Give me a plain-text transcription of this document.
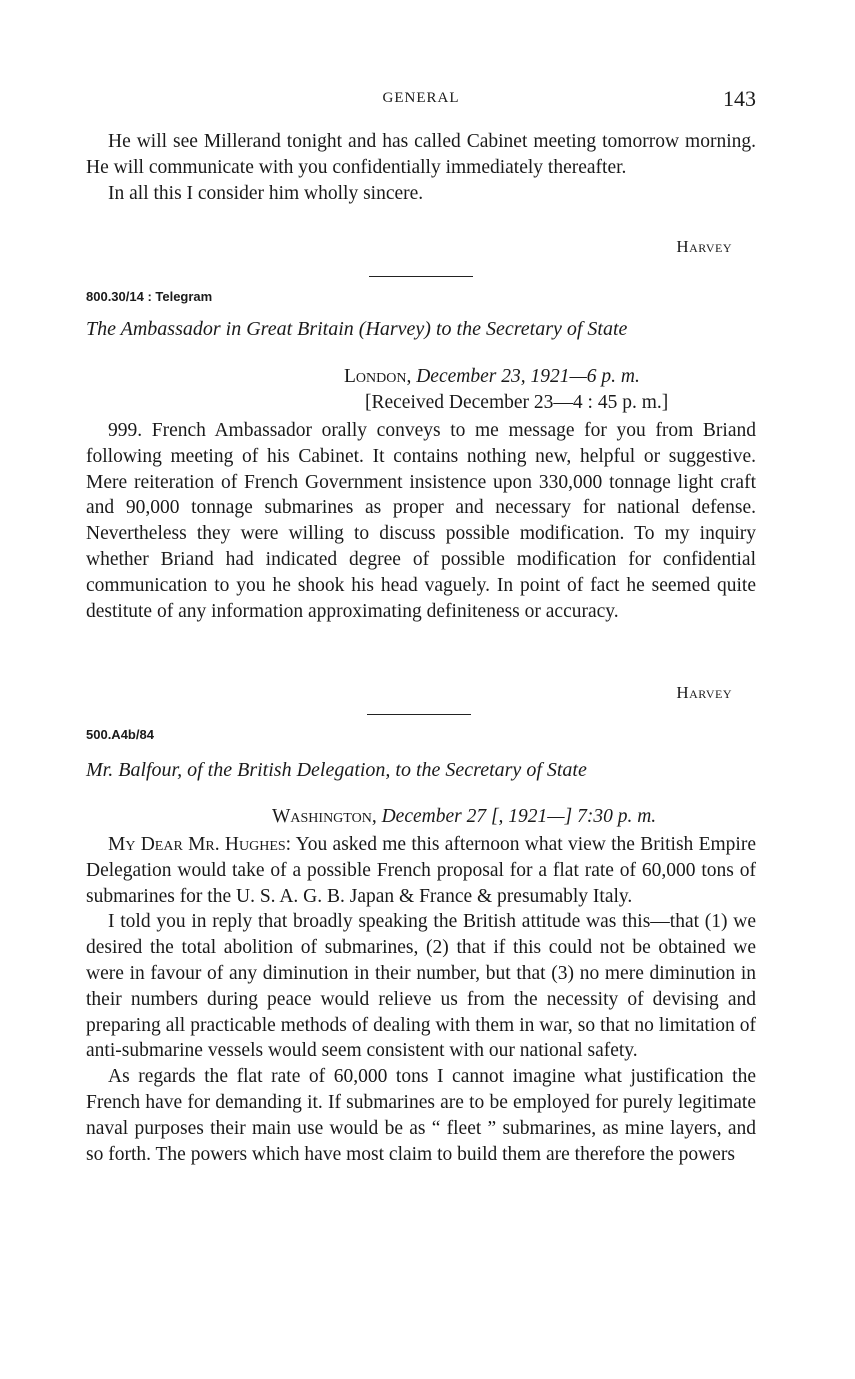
GENERAL	143

He will see Millerand tonight and has called Cabinet meeting tomorrow morning. He will communicate with you confidentially immediately thereafter.

In all this I consider him wholly sincere.

Harvey
800.30/14 : Telegram
The Ambassador in Great Britain (Harvey) to the Secretary of State
London, December 23, 1921—6 p. m.
[Received December 23—4 : 45 p. m.]

999. French Ambassador orally conveys to me message for you from Briand following meeting of his Cabinet. It contains nothing new, helpful or suggestive. Mere reiteration of French Government insistence upon 330,000 tonnage light craft and 90,000 tonnage submarines as proper and necessary for national defense. Nevertheless they were willing to discuss possible modification. To my inquiry whether Briand had indicated degree of possible modification for confidential communication to you he shook his head vaguely. In point of fact he seemed quite destitute of any information approximating definiteness or accuracy.

Harvey
500.A4b/84
Mr. Balfour, of the British Delegation, to the Secretary of State
Washington, December 27 [, 1921—] 7:30 p. m.

My Dear Mr. Hughes: You asked me this afternoon what view the British Empire Delegation would take of a possible French proposal for a flat rate of 60,000 tons of submarines for the U. S. A. G. B. Japan & France & presumably Italy.

I told you in reply that broadly speaking the British attitude was this—that (1) we desired the total abolition of submarines, (2) that if this could not be obtained we were in favour of any diminution in their number, but that (3) no mere diminution in their numbers during peace would relieve us from the necessity of devising and preparing all practicable methods of dealing with them in war, so that no limitation of anti-submarine vessels would seem consistent with our national safety.

As regards the flat rate of 60,000 tons I cannot imagine what justification the French have for demanding it. If submarines are to be employed for purely legitimate naval purposes their main use would be as “ fleet ” submarines, as mine layers, and so forth. The powers which have most claim to build them are therefore the powers
